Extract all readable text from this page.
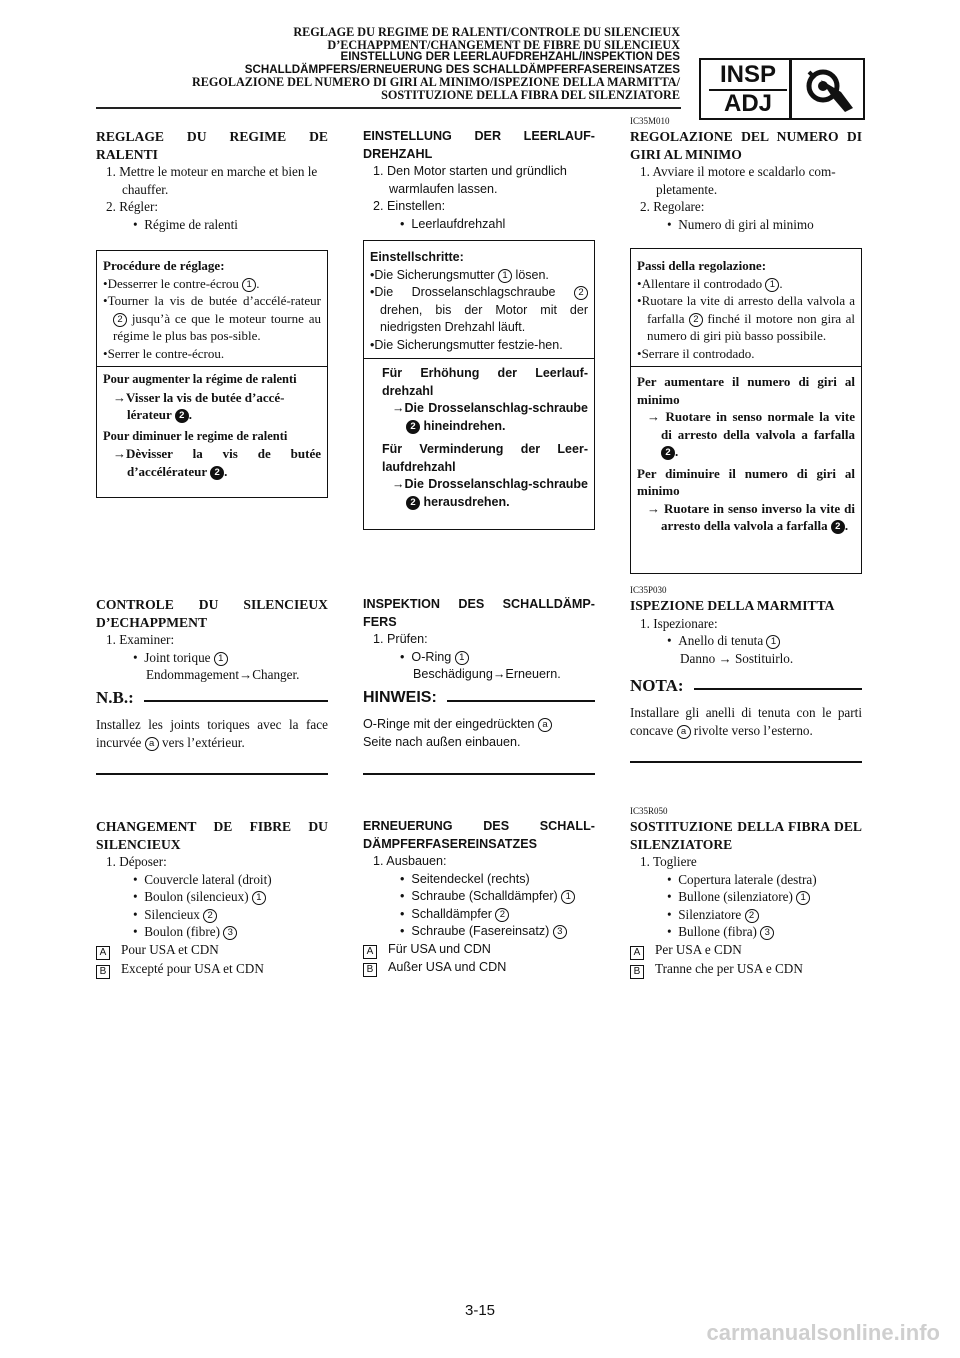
REGLAGE DU REGIME DE RALENTI/CONTROLE DU SILENCIEUX
D’ECHAPPMENT/CHANGEMENT DE FIBRE DU SILENCIEUX
EINSTELLUNG DER LEERLAUFDREHZAHL/INSPEKTION DES
SCHALLDÄMPFERS/ERNEUERUNG DES SCHALLDÄMPFERFASEREINSATZES
REGOLAZIONE DEL NUMERO DI GIRI AL MINIMO/ISPEZIONE DELLA MARMITTA/
SOSTITUZIONE DELLA FIBRA DEL SILENZIATORE
INSP
ADJ
REGLAGE DU REGIME DE RALENTI
1. Mettre le moteur en marche et bien le chauffer.
2. Régler:
• Régime de ralenti
Procédure de réglage:
•Desserrer le contre-écrou 1 .
•Tourner la vis de butée d’accélé-rateur 2 jusqu’à ce que le moteur tourne au régime le plus bas pos-sible.
•Serrer le contre-écrou.
Pour augmenter la régime de ralenti
→Visser la vis de butée d’accé-lérateur 2 .
Pour diminuer le regime de ralenti
→Dèvisser la vis de butée d’accélérateur 2 .
CONTROLE DU SILENCIEUX D’ECHAPPMENT
1. Examiner:
• Joint torique 1
Endommagement→Changer.
N.B.:
Installez les joints toriques avec la face incurvée a vers l’extérieur.
CHANGEMENT DE FIBRE DU SILENCIEUX
1. Déposer:
• Couvercle lateral (droit)
• Boulon (silencieux) 1
• Silencieux 2
• Boulon (fibre) 3
A Pour USA et CDN
B Excepté pour USA et CDN
EINSTELLUNG DER LEERLAUF-DREHZAHL
1. Den Motor starten und gründlich warmlaufen lassen.
2. Einstellen:
• Leerlaufdrehzahl
Einstellschritte:
•Die Sicherungsmutter 1 lösen.
•Die Drosselanschlagschraube 2 drehen, bis der Motor mit der niedrigsten Drehzahl läuft.
•Die Sicherungsmutter festzie-hen.
Für Erhöhung der Leerlauf-drehzahl
→Die Drosselanschlag-schraube 2 hineindrehen.
Für Verminderung der Leer-laufdrehzahl
→Die Drosselanschlag-schraube 2 herausdrehen.
INSPEKTION DES SCHALLDÄMP-FERS
1. Prüfen:
• O-Ring 1
Beschädigung→Erneuern.
HINWEIS:
O-Ringe mit der eingedrückten a
Seite nach außen einbauen.
ERNEUERUNG DES SCHALL-DÄMPFERFASEREINSATZES
1. Ausbauen:
• Seitendeckel (rechts)
• Schraube (Schalldämpfer) 1
• Schalldämpfer 2
• Schraube (Fasereinsatz) 3
A Für USA und CDN
B Außer USA und CDN
IC35M010
REGOLAZIONE DEL NUMERO DI GIRI AL MINIMO
1. Avviare il motore e scaldarlo com-pletamente.
2. Regolare:
• Numero di giri al minimo
Passi della regolazione:
•Allentare il controdado 1 .
•Ruotare la vite di arresto della valvola a farfalla 2 finché il motore non gira al numero di giri più basso possibile.
•Serrare il controdado.
Per aumentare il numero di giri al minimo
→ Ruotare in senso normale la vite di arresto della valvola a farfalla 2 .
Per diminuire il numero di giri al minimo
→ Ruotare in senso inverso la vite di arresto della valvola a farfalla 2 .
IC35P030
ISPEZIONE DELLA MARMITTA
1. Ispezionare:
• Anello di tenuta 1
Danno → Sostituirlo.
NOTA:
Installare gli anelli di tenuta con le parti concave a rivolte verso l’esterno.
IC35R050
SOSTITUZIONE DELLA FIBRA DEL SILENZIATORE
1. Togliere
• Copertura laterale (destra)
• Bullone (silenziatore) 1
• Silenziatore 2
• Bullone (fibra) 3
A Per USA e CDN
B Tranne che per USA e CDN
3-15
carmanualsonline.info
